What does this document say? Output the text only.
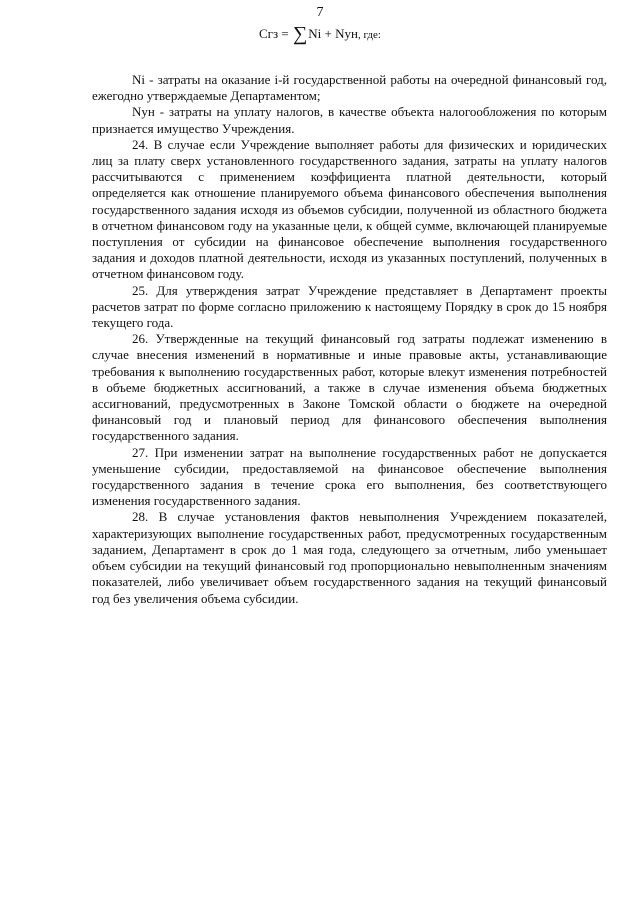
7
Сгз = ∑Ni + Nун, где:

Ni - затраты на оказание i-й государственной работы на очередной финансовый год, ежегодно утверждаемые Департаментом;

Nун - затраты на уплату налогов, в качестве объекта налогообложения по которым признается имущество Учреждения.

24. В случае если Учреждение выполняет работы для физических и юридических лиц за плату сверх установленного государственного задания, затраты на уплату налогов рассчитываются с применением коэффициента платной деятельности, который определяется как отношение планируемого объема финансового обеспечения выполнения государственного задания исходя из объемов субсидии, полученной из областного бюджета в отчетном финансовом году на указанные цели, к общей сумме, включающей планируемые поступления от субсидии на финансовое обеспечение выполнения государственного задания и доходов платной деятельности, исходя из указанных поступлений, полученных в отчетном финансовом году.

25. Для утверждения затрат Учреждение представляет в Департамент проекты расчетов затрат по форме согласно приложению к настоящему Порядку в срок до 15 ноября текущего года.

26. Утвержденные на текущий финансовый год затраты подлежат изменению в случае внесения изменений в нормативные и иные правовые акты, устанавливающие требования к выполнению государственных работ, которые влекут изменения потребностей в объеме бюджетных ассигнований, а также в случае изменения объема бюджетных ассигнований, предусмотренных в Законе Томской области о бюджете на очередной финансовый год и плановый период для финансового обеспечения выполнения государственного задания.

27. При изменении затрат на выполнение государственных работ не допускается уменьшение субсидии, предоставляемой на финансовое обеспечение выполнения государственного задания в течение срока его выполнения, без соответствующего изменения государственного задания.

28. В случае установления фактов невыполнения Учреждением показателей, характеризующих выполнение государственных работ, предусмотренных государственным заданием, Департамент в срок до 1 мая года, следующего за отчетным, либо уменьшает объем субсидии на текущий финансовый год пропорционально невыполненным значениям показателей, либо увеличивает объем государственного задания на текущий финансовый год без увеличения объема субсидии.
